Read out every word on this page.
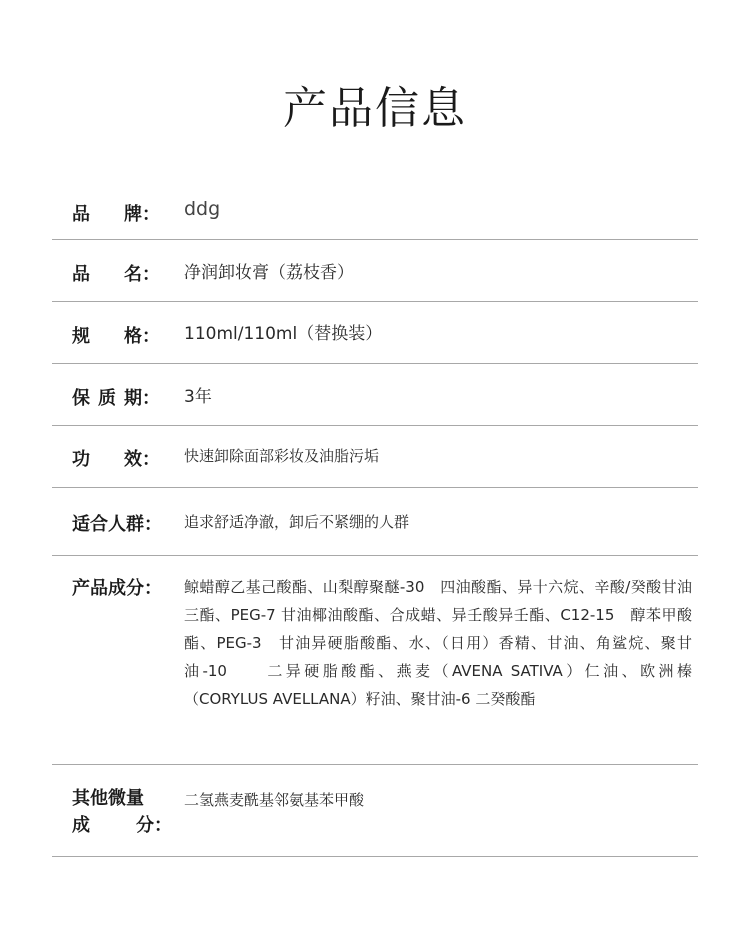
产品信息
品 牌： ddg
品 名： 净润卸妆膏（荔枝香）
规 格： 110ml/110ml（替换装）
保 质 期： 3年
功 效： 快速卸除面部彩妆及油脂污垢
适合人群： 追求舒适净澈，卸后不紧绷的人群
产品成分： 鲸蜡醇乙基己酸酯、山梨醇聚醚-30　四油酸酯、异十六烷、辛酸/癸酸甘油三酯、PEG-7 甘油椰油酸酯、合成蜡、异壬酸异壬酯、C12-15　醇苯甲酸酯、PEG-3　甘油异硬脂酸酯、水、（日用）香精、甘油、角鲨烷、聚甘油-10　　二异硬脂酸酯、燕麦（AVENA SATIVA）仁油、欧洲榛（CORYLUS AVELLANA）籽油、聚甘油-6 二癸酸酯
其他微量
成	分：
二氢燕麦酰基邻氨基苯甲酸
